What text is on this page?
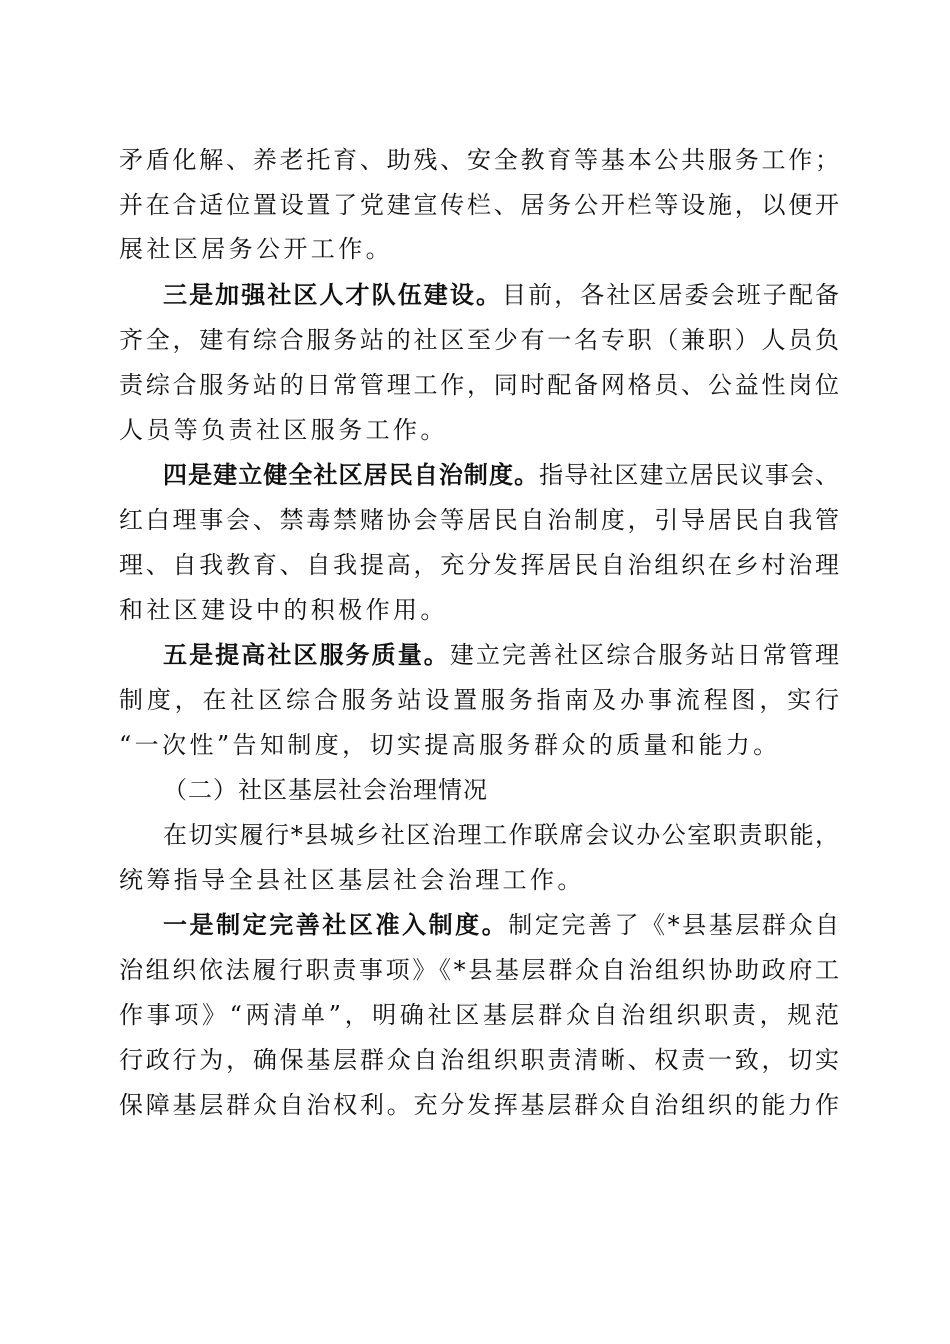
矛盾化解、养老托育、助残、安全教育等基本公共服务工作；
并在合适位置设置了党建宣传栏、居务公开栏等设施，以便开
展社区居务公开工作。
三是加强社区人才队伍建设。目前，各社区居委会班子配备
齐全，建有综合服务站的社区至少有一名专职（兼职）人员负
责综合服务站的日常管理工作，同时配备网格员、公益性岗位
人员等负责社区服务工作。
四是建立健全社区居民自治制度。指导社区建立居民议事会、
红白理事会、禁毒禁赌协会等居民自治制度，引导居民自我管
理、自我教育、自我提高，充分发挥居民自治组织在乡村治理
和社区建设中的积极作用。
五是提高社区服务质量。建立完善社区综合服务站日常管理
制度，在社区综合服务站设置服务指南及办事流程图，实行
“一次性”告知制度，切实提高服务群众的质量和能力。
（二）社区基层社会治理情况
在切实履行*县城乡社区治理工作联席会议办公室职责职能，
统筹指导全县社区基层社会治理工作。
一是制定完善社区准入制度。制定完善了《*县基层群众自
治组织依法履行职责事项》《*县基层群众自治组织协助政府工
作事项》“两清单”，明确社区基层群众自治组织职责，规范
行政行为，确保基层群众自治组织职责清晰、权责一致，切实
保障基层群众自治权利。充分发挥基层群众自治组织的能力作
